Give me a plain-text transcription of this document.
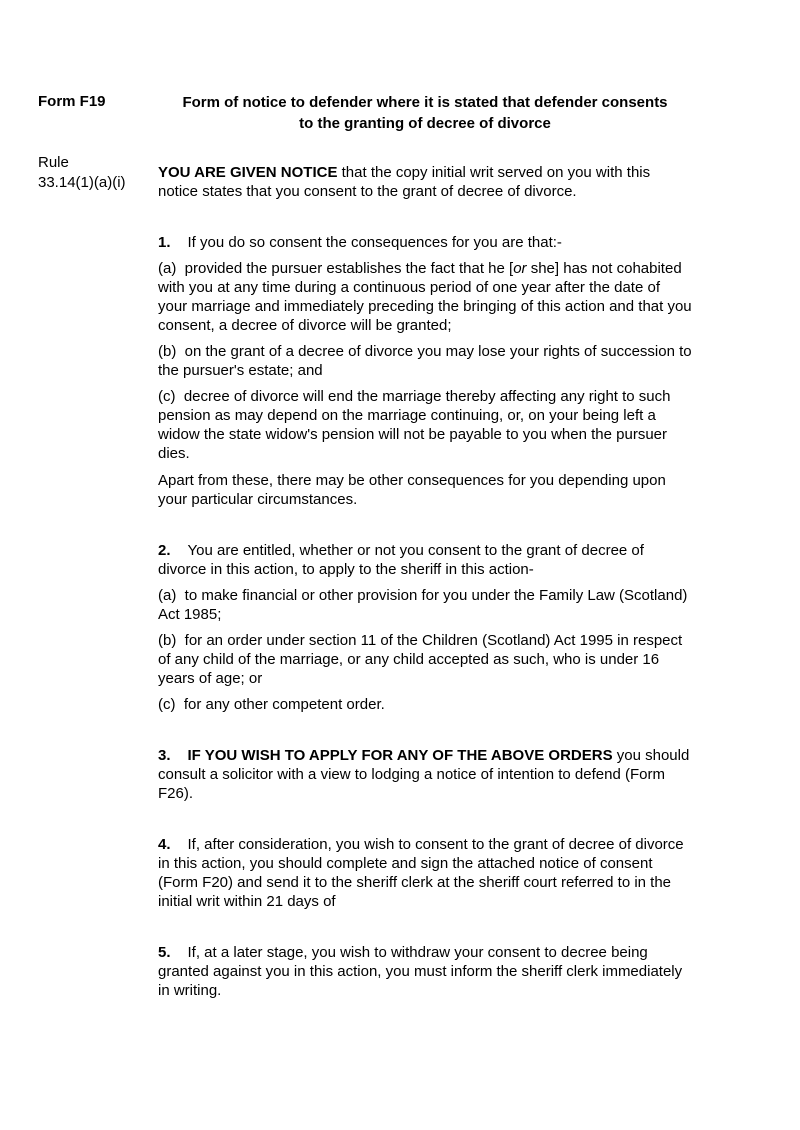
Form F19	Form of notice to defender where it is stated that defender consents
to the granting of decree of divorce
Rule
33.14(1)(a)(i)

YOU ARE GIVEN NOTICE that the copy initial writ served on you with this notice states that you consent to the grant of decree of divorce.

1. If you do so consent the consequences for you are that:-

(a)  provided the pursuer establishes the fact that he [or she] has not cohabited with you at any time during a continuous period of one year after the date of your marriage and immediately preceding the bringing of this action and that you consent, a decree of divorce will be granted;

(b)  on the grant of a decree of divorce you may lose your rights of succession to the pursuer's estate; and

(c)  decree of divorce will end the marriage thereby affecting any right to such pension as may depend on the marriage continuing, or, on your being left a widow the state widow's pension will not be payable to you when the pursuer dies.

Apart from these, there may be other consequences for you depending upon your particular circumstances.

2. You are entitled, whether or not you consent to the grant of decree of divorce in this action, to apply to the sheriff in this action-

(a)  to make financial or other provision for you under the Family Law (Scotland) Act 1985;

(b)  for an order under section 11 of the Children (Scotland) Act 1995 in respect of any child of the marriage, or any child accepted as such, who is under 16 years of age; or

(c)  for any other competent order.

3. IF YOU WISH TO APPLY FOR ANY OF THE ABOVE ORDERS you should consult a solicitor with a view to lodging a notice of intention to defend (Form F26).

4. If, after consideration, you wish to consent to the grant of decree of divorce in this action, you should complete and sign the attached notice of consent (Form F20) and send it to the sheriff clerk at the sheriff court referred to in the initial writ within 21 days of

5. If, at a later stage, you wish to withdraw your consent to decree being granted against you in this action, you must inform the sheriff clerk immediately in writing.
